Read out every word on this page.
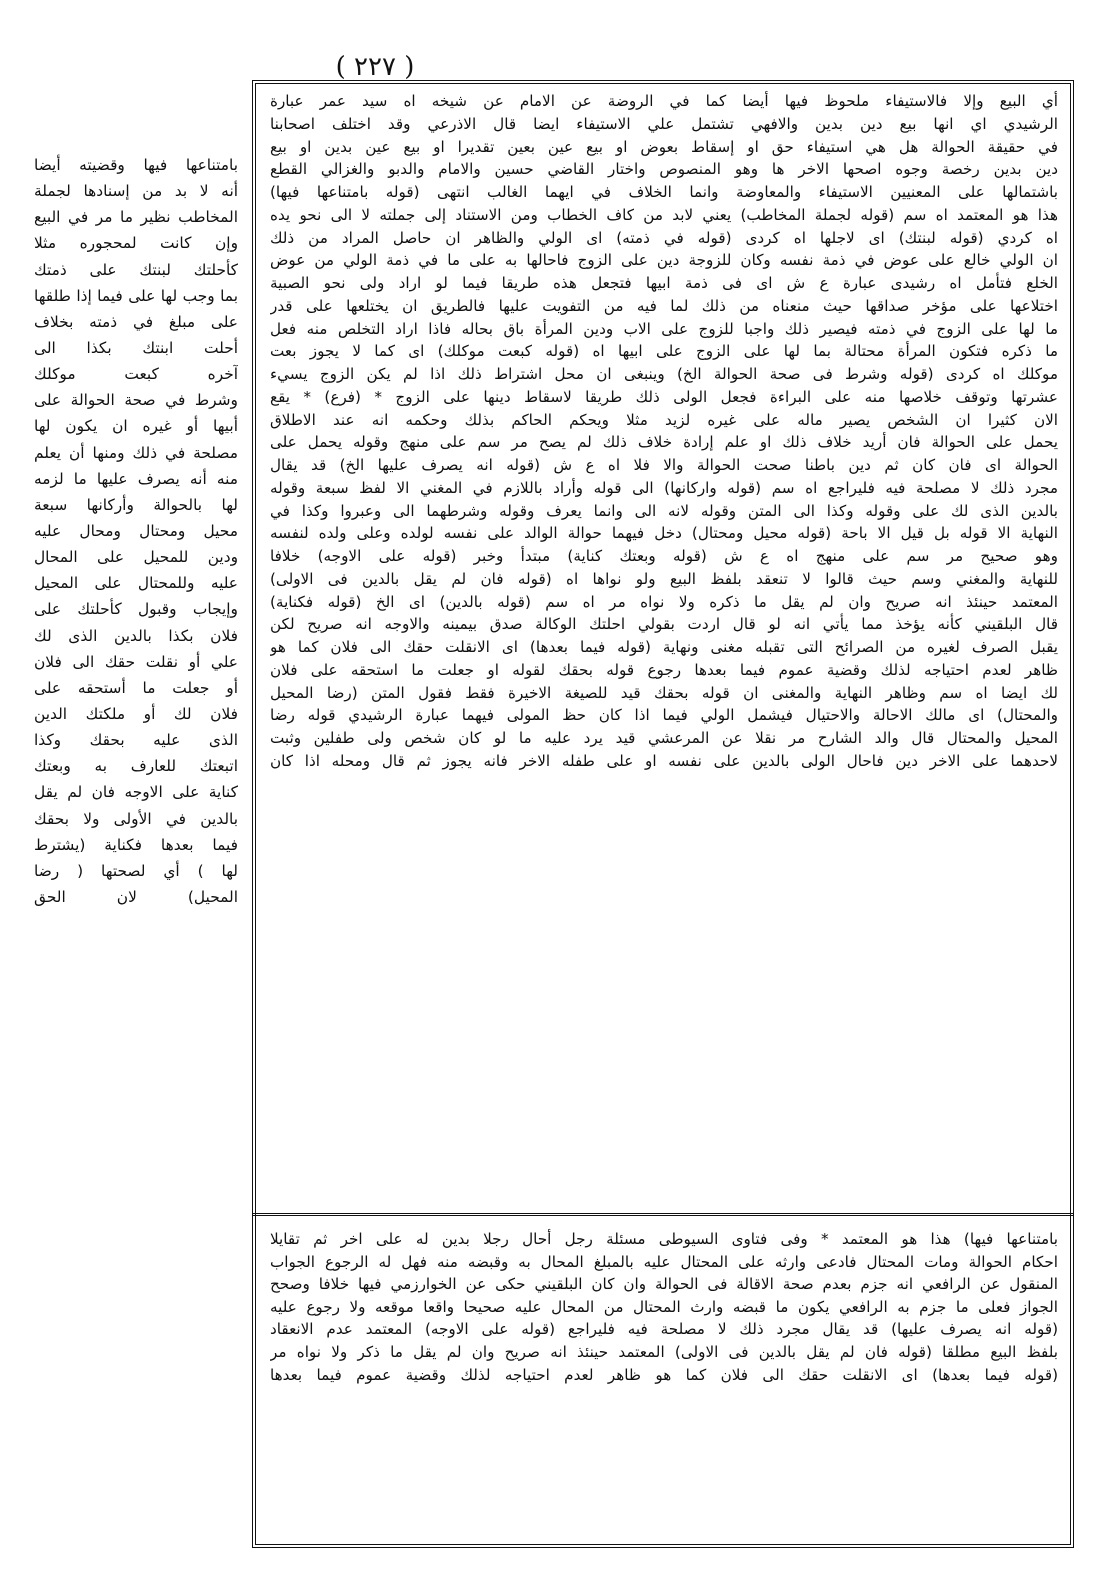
( ٢٢٧ )

أي البيع وإلا فالاستيفاء ملحوظ فيها أيضا كما في الروضة عن الامام عن شيخه اه سيد عمر عبارة

الرشيدي اي انها بيع دين بدين والافهي تشتمل علي الاستيفاء ايضا قال الاذرعي وقد اختلف اصحابنا

في حقيقة الحوالة هل هي استيفاء حق او إسقاط بعوض او بيع عين بعين تقديرا او بيع عين بدين او بيع

دين بدين رخصة وجوه اصحها الاخر ها وهو المنصوص واختار القاضي حسين والامام والدبو والغزالي القطع

باشتمالها على المعنيين الاستيفاء والمعاوضة وانما الخلاف في ايهما الغالب انتهى (قوله بامتناعها فيها)

هذا هو المعتمد اه سم (قوله لجملة المخاطب) يعني لابد من كاف الخطاب ومن الاستناد إلى جملته لا الى نحو يده

اه كردي (قوله لبنتك) اى لاجلها اه كردى (قوله في ذمته) اى الولي والظاهر ان حاصل المراد من ذلك

ان الولي خالع على عوض في ذمة نفسه وكان للزوجة دين على الزوج فاحالها به على ما في ذمة الولي من عوض

الخلع فتأمل اه رشيدى عبارة ع ش اى فى ذمة ابيها فتجعل هذه طريقا فيما لو اراد ولى نحو الصبية

اختلاعها على مؤخر صداقها حيث منعناه من ذلك لما فيه من التفويت عليها فالطريق ان يختلعها على قدر

ما لها على الزوج في ذمته فيصير ذلك واجبا للزوج على الاب ودين المرأة باق بحاله فاذا اراد التخلص منه فعل

ما ذكره فتكون المرأة محتالة بما لها على الزوج على ابيها اه (قوله كبعت موكلك) اى كما لا يجوز بعت

موكلك اه كردى (قوله وشرط فى صحة الحوالة الخ) وينبغى ان محل اشتراط ذلك اذا لم يكن الزوج يسيء

عشرتها وتوقف خلاصها منه على البراءة فجعل الولى ذلك طريقا لاسقاط دينها على الزوج * (فرع) * يقع

الان كثيرا ان الشخص يصير ماله على غيره لزيد مثلا ويحكم الحاكم بذلك وحكمه انه عند الاطلاق

يحمل على الحوالة فان أريد خلاف ذلك او علم إرادة خلاف ذلك لم يصح مر سم على منهج وقوله يحمل على

الحوالة اى فان كان ثم دين باطنا صحت الحوالة والا فلا اه ع ش (قوله انه يصرف عليها الخ) قد يقال

مجرد ذلك لا مصلحة فيه فليراجع اه سم (قوله واركانها) الى قوله وأراد باللازم في المغني الا لفظ سبعة وقوله

بالدين الذى لك على وقوله وكذا الى المتن وقوله لانه الى وانما يعرف وقوله وشرطهما الى وعبروا وكذا في

النهاية الا قوله بل قيل الا باحة (قوله محيل ومحتال) دخل فيهما حوالة الوالد على نفسه لولده وعلى ولده لنفسه

وهو صحيح مر سم على منهج اه ع ش (قوله وبعتك كناية) مبتدأ وخبر (قوله على الاوجه) خلافا

للنهاية والمغني وسم حيث قالوا لا تنعقد بلفظ البيع ولو نواها اه (قوله فان لم يقل بالدين فى الاولى)

المعتمد حينئذ انه صريح وان لم يقل ما ذكره ولا نواه مر اه سم (قوله بالدين) اى الخ (قوله فكناية)

قال البلقيني كأنه يؤخذ مما يأتي انه لو قال اردت بقولي احلتك الوكالة صدق بيمينه والاوجه انه صريح لكن

يقبل الصرف لغيره من الصرائح التى تقبله مغنى ونهاية (قوله فيما بعدها) اى الانقلت حقك الى فلان كما هو

ظاهر لعدم احتياجه لذلك وقضية عموم فيما بعدها رجوع قوله بحقك لقوله او جعلت ما استحقه على فلان

لك ايضا اه سم وظاهر النهاية والمغنى ان قوله بحقك قيد للصيغة الاخيرة فقط فقول المتن (رضا المحيل

والمحتال) اى مالك الاحالة والاحتيال فيشمل الولي فيما اذا كان حظ المولى فيهما عبارة الرشيدي قوله رضا

المحيل والمحتال قال والد الشارح مر نقلا عن المرعشي قيد يرد عليه ما لو كان شخص ولى طفلين وثبت

لاحدهما على الاخر دين فاحال الولى بالدين على نفسه او على طفله الاخر فانه يجوز ثم قال ومحله اذا كان

بامتناعها فيها) هذا هو المعتمد * وفى فتاوى السيوطى مسئلة رجل أحال رجلا بدين له على اخر ثم تقايلا

احكام الحوالة ومات المحتال فادعى وارثه على المحتال عليه بالمبلغ المحال به وقبضه منه فهل له الرجوع الجواب

المنقول عن الرافعي انه جزم بعدم صحة الاقالة فى الحوالة وان كان البلقيني حكى عن الخوارزمي فيها خلافا وصحح

الجواز فعلى ما جزم به الرافعي يكون ما قبضه وارث المحتال من المحال عليه صحيحا واقعا موقعه ولا رجوع عليه

(قوله انه يصرف عليها) قد يقال مجرد ذلك لا مصلحة فيه فليراجع (قوله على الاوجه) المعتمد عدم الانعقاد

بلفظ البيع مطلقا (قوله فان لم يقل بالدين فى الاولى) المعتمد حينئذ انه صريح وان لم يقل ما ذكر ولا نواه مر

(قوله فيما بعدها) اى الانقلت حقك الى فلان كما هو ظاهر لعدم احتياجه لذلك وقضية عموم فيما بعدها

بامتناعها فيها وقضيته أيضا

أنه لا بد من إسنادها لجملة

المخاطب نظير ما مر في البيع

وإن كانت لمحجوره مثلا

كأحلتك لبنتك على ذمتك

بما وجب لها على فيما إذا طلقها

على مبلغ في ذمته بخلاف

أحلت ابنتك بكذا الى

آخره كبعت موكلك

وشرط في صحة الحوالة على

أبيها أو غيره ان يكون لها

مصلحة في ذلك ومنها أن يعلم

منه أنه يصرف عليها ما لزمه

لها بالحوالة وأركانها سبعة

محيل ومحتال ومحال عليه

ودين للمحيل على المحال

عليه وللمحتال على المحيل

وإيجاب وقبول كأحلتك على

فلان بكذا بالدين الذى لك

علي أو نقلت حقك الى فلان

أو جعلت ما أستحقه على

فلان لك أو ملكتك الدين

الذى عليه بحقك وكذا

اتبعتك للعارف به وبعتك

كناية على الاوجه فان لم يقل

بالدين في الأولى ولا بحقك

فيما بعدها فكناية (يشترط

لها ) أي لصحتها ( رضا

المحيل) لان الحق
